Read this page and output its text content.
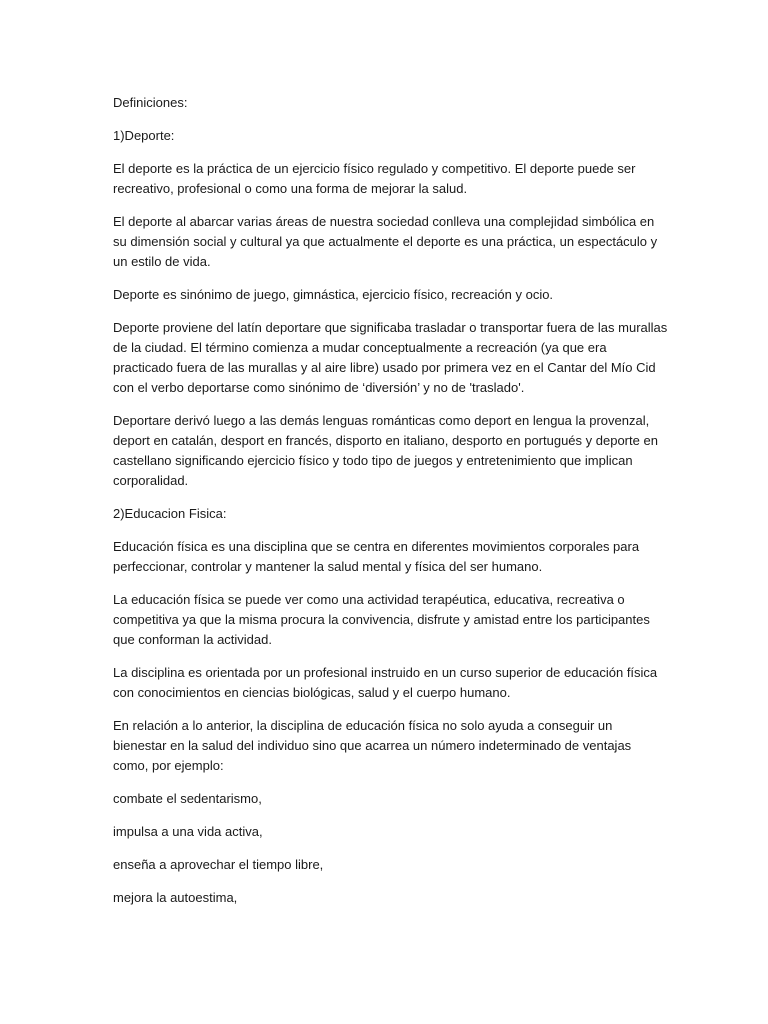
Definiciones:

1)Deporte:

El deporte es la práctica de un ejercicio físico regulado y competitivo. El deporte puede ser recreativo, profesional o como una forma de mejorar la salud.

El deporte al abarcar varias áreas de nuestra sociedad conlleva una complejidad simbólica en su dimensión social y cultural ya que actualmente el deporte es una práctica, un espectáculo y un estilo de vida.

Deporte es sinónimo de juego, gimnástica, ejercicio físico, recreación y ocio.

Deporte proviene del latín deportare que significaba trasladar o transportar fuera de las murallas de la ciudad. El término comienza a mudar conceptualmente a recreación (ya que era practicado fuera de las murallas y al aire libre) usado por primera vez en el Cantar del Mío Cid con el verbo deportarse como sinónimo de ‘diversión’ y no de 'traslado'.

Deportare derivó luego a las demás lenguas románticas como deport en lengua la provenzal, deport en catalán, desport en francés, disporto en italiano, desporto en portugués y deporte en castellano significando ejercicio físico y todo tipo de juegos y entretenimiento que implican corporalidad.

2)Educacion Fisica:

Educación física es una disciplina que se centra en diferentes movimientos corporales para perfeccionar, controlar y mantener la salud mental y física del ser humano.

La educación física se puede ver como una actividad terapéutica, educativa, recreativa o competitiva ya que la misma procura la convivencia, disfrute y amistad entre los participantes que conforman la actividad.

La disciplina es orientada por un profesional instruido en un curso superior de educación física con conocimientos en ciencias biológicas, salud y el cuerpo humano.

En relación a lo anterior, la disciplina de educación física no solo ayuda a conseguir un bienestar en la salud del individuo sino que acarrea un número indeterminado de ventajas como, por ejemplo:

combate el sedentarismo,

impulsa a una vida activa,

enseña a aprovechar el tiempo libre,

mejora la autoestima,
